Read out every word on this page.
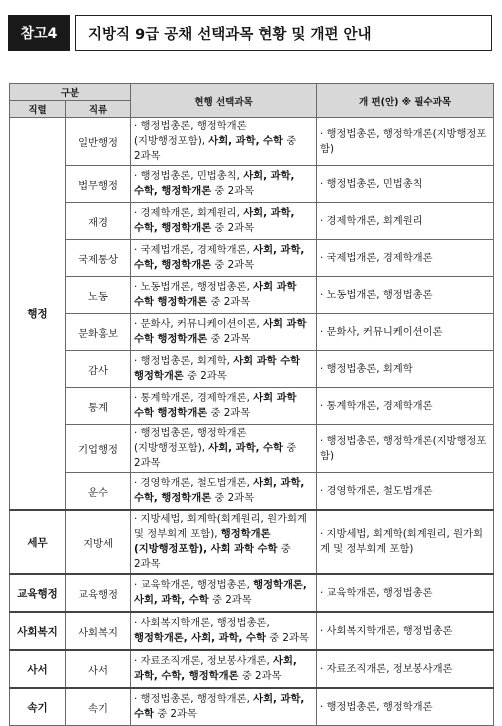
참고4	지방직 9급 공채 선택과목 현황 및 개편 안내
구분		현행 선택과목	개 편(안) ※ 필수과목
직렬	직류		
행정	일반행정	· 행정법총론, 행정학개론(지방행정포함), 사회, 과학, 수학 중 2과목	· 행정법총론, 행정학개론(지방행정포함)
	법무행정	· 행정법총론, 민법총칙, 사회, 과학, 수학, 행정학개론 중 2과목	· 행정법총론, 민법총칙
	재경	· 경제학개론, 회계원리, 사회, 과학, 수학, 행정학개론 중 2과목	· 경제학개론, 회계원리
	국제통상	· 국제법개론, 경제학개론, 사회, 과학, 수학, 행정학개론 중 2과목	· 국제법개론, 경제학개론
	노동	· 노동법개론, 행정법총론, 사회 과학 수학 행정학개론 중 2과목	· 노동법개론, 행정법총론
	문화홍보	· 문화사, 커뮤니케이션이론, 사회 과학 수학 행정학개론 중 2과목	· 문화사, 커뮤니케이션이론
	감사	· 행정법총론, 회계학, 사회 과학 수학 행정학개론 중 2과목	· 행정법총론, 회계학
	통계	· 통계학개론, 경제학개론, 사회 과학 수학 행정학개론 중 2과목	· 통계학개론, 경제학개론
	기업행정	· 행정법총론, 행정학개론(지방행정포함), 사회, 과학, 수학 중 2과목	· 행정법총론, 행정학개론(지방행정포함)
	운수	· 경영학개론, 철도법개론, 사회, 과학, 수학, 행정학개론 중 2과목	· 경영학개론, 철도법개론
세무	지방세	· 지방세법, 회계학(회계원리, 원가회계 및 정부회계 포함), 행정학개론(지방행정포함), 사회 과학 수학 중 2과목	· 지방세법, 회계학(회계원리, 원가회계 및 정부회계 포함)
교육행정	교육행정	· 교육학개론, 행정법총론, 행정학개론, 사회, 과학, 수학 중 2과목	· 교육학개론, 행정법총론
사회복지	사회복지	· 사회복지학개론, 행정법총론, 행정학개론, 사회, 과학, 수학 중 2과목	· 사회복지학개론, 행정법총론
사서	사서	· 자료조직개론, 정보봉사개론, 사회, 과학, 수학, 행정학개론 중 2과목	· 자료조직개론, 정보봉사개론
속기	속기	· 행정법총론, 행정학개론, 사회, 과학, 수학 중 2과목	· 행정법총론, 행정학개론
